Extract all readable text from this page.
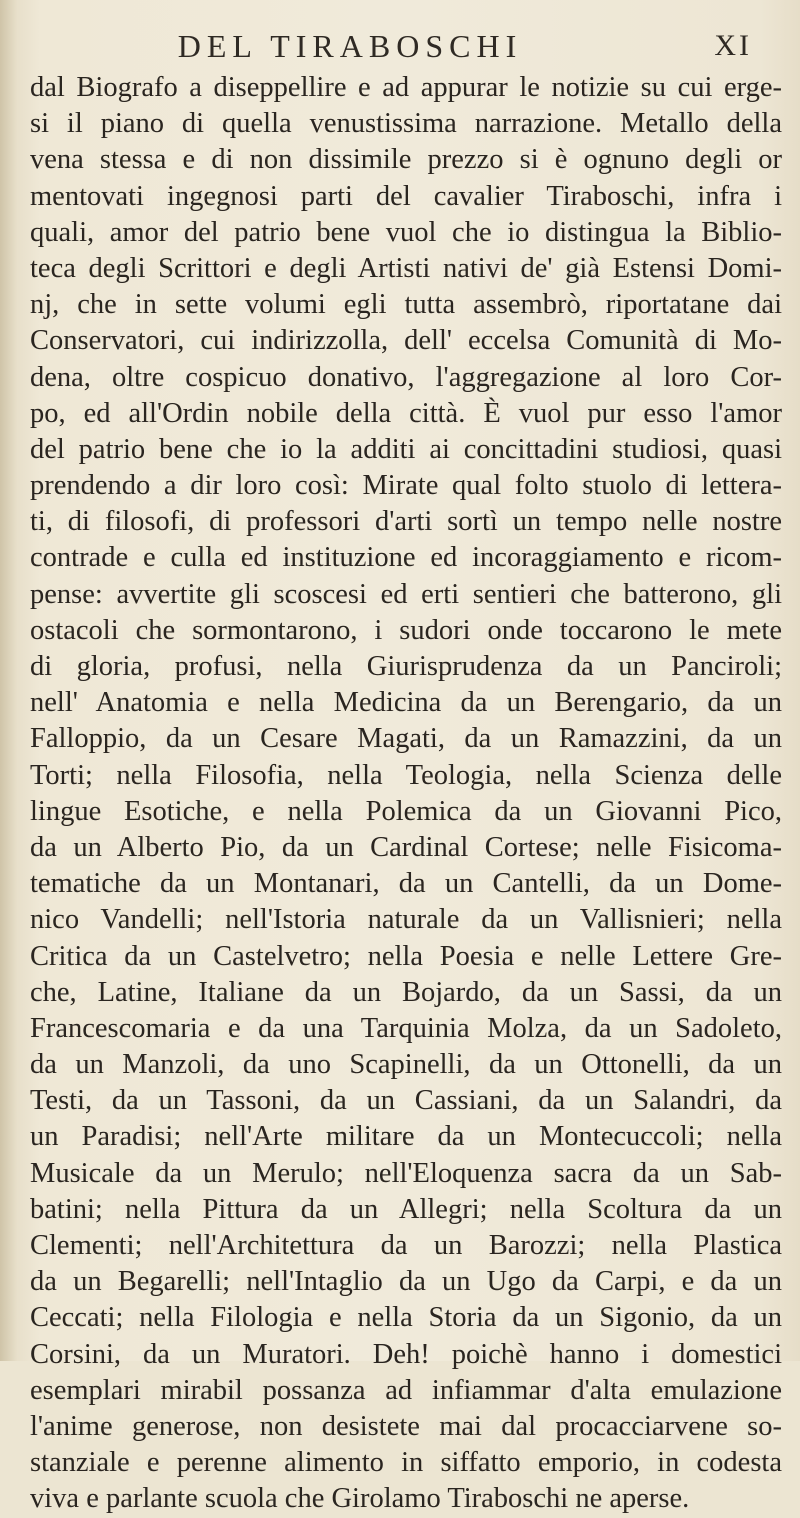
DEL TIRABOSCHI	XI
dal Biografo a diseppellire e ad appurar le notizie su cui erge-
si il piano di quella venustissima narrazione. Metallo della
vena stessa e di non dissimile prezzo si è ognuno degli or
mentovati ingegnosi parti del cavalier Tiraboschi, infra i
quali, amor del patrio bene vuol che io distingua la Biblio-
teca degli Scrittori e degli Artisti nativi de' già Estensi Domi-
nj, che in sette volumi egli tutta assembrò, riportatane dai
Conservatori, cui indirizzolla, dell' eccelsa Comunità di Mo-
dena, oltre cospicuo donativo, l'aggregazione al loro Cor-
po, ed all'Ordin nobile della città. È vuol pur esso l'amor
del patrio bene che io la additi ai concittadini studiosi, quasi
prendendo a dir loro così: Mirate qual folto stuolo di lettera-
ti, di filosofi, di professori d'arti sortì un tempo nelle nostre
contrade e culla ed instituzione ed incoraggiamento e ricom-
pense: avvertite gli scoscesi ed erti sentieri che batterono, gli
ostacoli che sormontarono, i sudori onde toccarono le mete
di gloria, profusi, nella Giurisprudenza da un Panciroli;
nell' Anatomia e nella Medicina da un Berengario, da un
Falloppio, da un Cesare Magati, da un Ramazzini, da un
Torti; nella Filosofia, nella Teologia, nella Scienza delle
lingue Esotiche, e nella Polemica da un Giovanni Pico,
da un Alberto Pio, da un Cardinal Cortese; nelle Fisicoma-
tematiche da un Montanari, da un Cantelli, da un Dome-
nico Vandelli; nell'Istoria naturale da un Vallisnieri; nella
Critica da un Castelvetro; nella Poesia e nelle Lettere Gre-
che, Latine, Italiane da un Bojardo, da un Sassi, da un
Francescomaria e da una Tarquinia Molza, da un Sadoleto,
da un Manzoli, da uno Scapinelli, da un Ottonelli, da un
Testi, da un Tassoni, da un Cassiani, da un Salandri, da
un Paradisi; nell'Arte militare da un Montecuccoli; nella
Musicale da un Merulo; nell'Eloquenza sacra da un Sab-
batini; nella Pittura da un Allegri; nella Scoltura da un
Clementi; nell'Architettura da un Barozzi; nella Plastica
da un Begarelli; nell'Intaglio da un Ugo da Carpi, e da un
Ceccati; nella Filologia e nella Storia da un Sigonio, da un
Corsini, da un Muratori. Deh! poichè hanno i domestici
esemplari mirabil possanza ad infiammar d'alta emulazione
l'anime generose, non desistete mai dal procacciarvene so-
stanziale e perenne alimento in siffatto emporio, in codesta
viva e parlante scuola che Girolamo Tiraboschi ne aperse.
